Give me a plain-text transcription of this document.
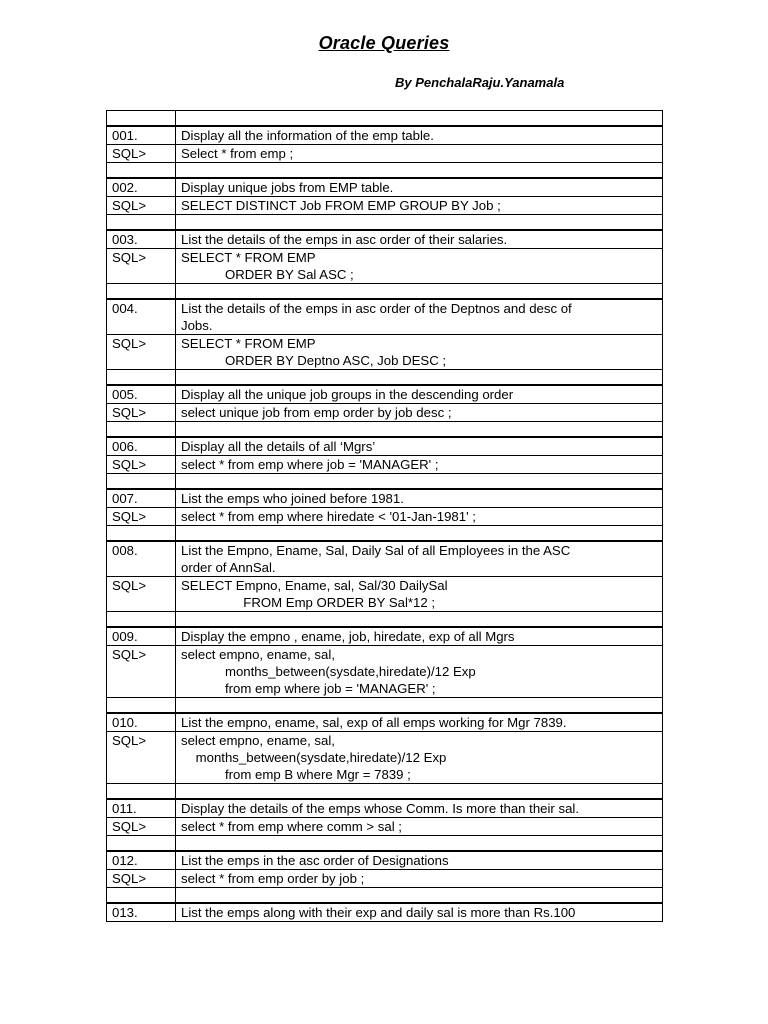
Oracle Queries
By PenchalaRaju.Yanamala

001.	Display all the information of the emp table.
SQL>	Select * from emp ;

002.	Display unique jobs from EMP table.
SQL>	SELECT DISTINCT Job FROM EMP GROUP BY Job ;

003.	List the details of the emps in asc order of their salaries.
SQL>	SELECT * FROM EMP
ORDER BY Sal ASC ;

004.	List the details of the emps in asc order of the Deptnos and desc of
Jobs.
SQL>	SELECT * FROM EMP
ORDER BY Deptno ASC, Job DESC ;

005.	Display all the unique job groups in the descending order
SQL>	select unique job from emp order by job desc ;

006.	Display all the details of all ‘Mgrs’
SQL>	select * from emp where job = 'MANAGER' ;

007.	List the emps who joined before 1981.
SQL>	select * from emp where hiredate < '01-Jan-1981' ;

008.	List the Empno, Ename, Sal, Daily Sal of all Employees in the ASC
order of AnnSal.
SQL>	SELECT Empno, Ename, sal, Sal/30 DailySal
FROM Emp ORDER BY Sal*12 ;

009.	Display the empno , ename, job, hiredate, exp of all Mgrs
SQL>	select empno, ename, sal,
months_between(sysdate,hiredate)/12 Exp
from emp where job = 'MANAGER' ;

010.	List the empno, ename, sal, exp of all emps working for Mgr 7839.
SQL>	select empno, ename, sal,
months_between(sysdate,hiredate)/12 Exp
from emp B where Mgr = 7839 ;

011.	Display the details of the emps whose Comm. Is more than their sal.
SQL>	select * from emp where comm > sal ;

012.	List the emps in the asc order of Designations
SQL>	select * from emp order by job ;

013.	List the emps along with their exp and daily sal is more than Rs.100
